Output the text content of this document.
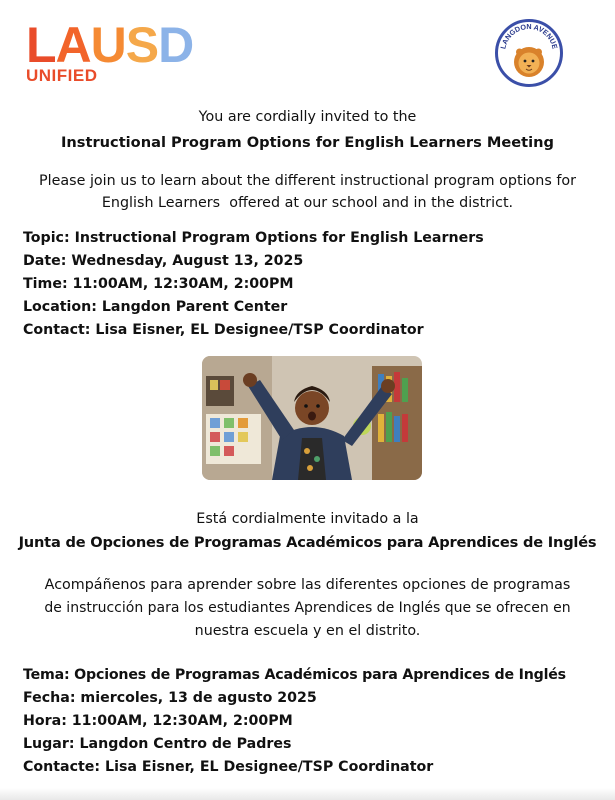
L A U S D
UNIFIED
LANGDON AVENUE
You are cordially invited to the
Instructional Program Options for English Learners Meeting
Please join us to learn about the different instructional program options for
English Learners  offered at our school and in the district.
Topic: Instructional Program Options for English Learners
Date: Wednesday, August 13, 2025
Time: 11:00AM, 12:30AM, 2:00PM
Location: Langdon Parent Center
Contact: Lisa Eisner, EL Designee/TSP Coordinator
Está cordialmente invitado a la
Junta de Opciones de Programas Académicos para Aprendices de Inglés
Acompáñenos para aprender sobre las diferentes opciones de programas
de instrucción para los estudiantes Aprendices de Inglés que se ofrecen en
nuestra escuela y en el distrito.
Tema: Opciones de Programas Académicos para Aprendices de Inglés
Fecha: miercoles, 13 de agusto 2025
Hora: 11:00AM, 12:30AM, 2:00PM
Lugar: Langdon Centro de Padres
Contacte: Lisa Eisner, EL Designee/TSP Coordinator
